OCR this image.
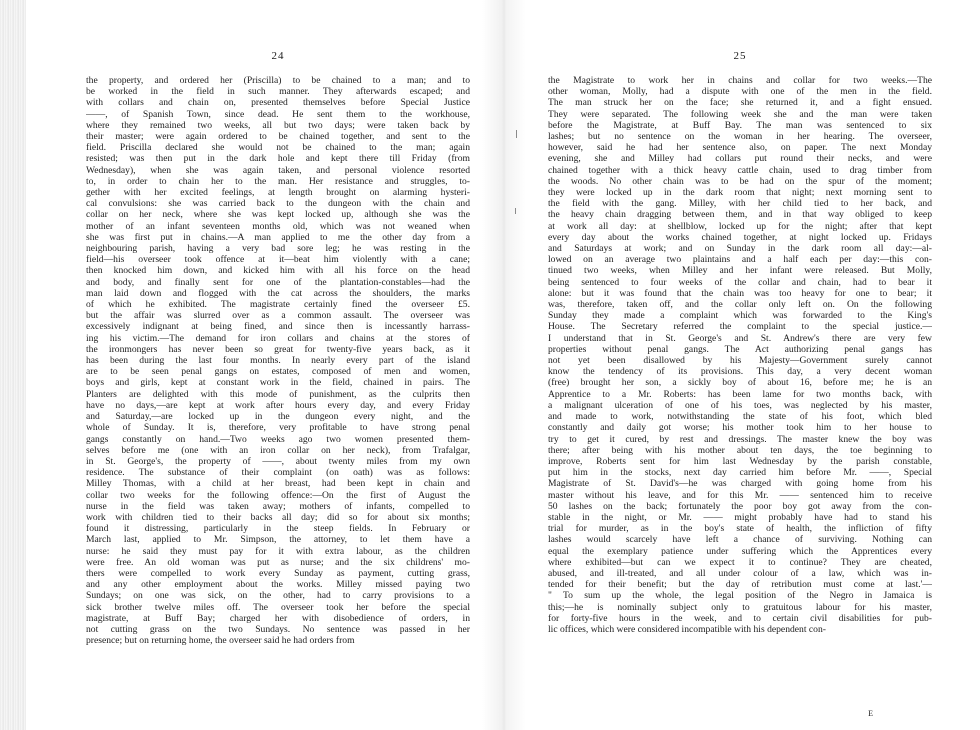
24
the property, and ordered her (Priscilla) to be chained to a man; and to
be worked in the field in such manner. They afterwards escaped; and
with collars and chain on, presented themselves before Special Justice
——, of Spanish Town, since dead. He sent them to the workhouse,
where they remained two weeks, all but two days; were taken back by
their master; were again ordered to be chained together, and sent to the
field. Priscilla declared she would not be chained to the man; again
resisted; was then put in the dark hole and kept there till Friday (from
Wednesday), when she was again taken, and personal violence resorted
to, in order to chain her to the man. Her resistance and struggles, to-
gether with her excited feelings, at length brought on alarming hysteri-
cal convulsions: she was carried back to the dungeon with the chain and
collar on her neck, where she was kept locked up, although she was the
mother of an infant seventeen months old, which was not weaned when
she was first put in chains.—A man applied to me the other day from a
neighbouring parish, having a very bad sore leg; he was resting in the
field—his overseer took offence at it—beat him violently with a cane;
then knocked him down, and kicked him with all his force on the head
and body, and finally sent for one of the plantation-constables—had the
man laid down and flogged with the cat across the shoulders, the marks
of which he exhibited. The magistrate certainly fined the overseer £5.
but the affair was slurred over as a common assault. The overseer was
excessively indignant at being fined, and since then is incessantly harrass-
ing his victim.—The demand for iron collars and chains at the stores of
the ironmongers has never been so great for twenty-five years back, as it
has been during the last four months. In nearly every part of the island
are to be seen penal gangs on estates, composed of men and women,
boys and girls, kept at constant work in the field, chained in pairs. The
Planters are delighted with this mode of punishment, as the culprits then
have no days,—are kept at work after hours every day, and every Friday
and Saturday,—are locked up in the dungeon every night, and the
whole of Sunday. It is, therefore, very profitable to have strong penal
gangs constantly on hand.—Two weeks ago two women presented them-
selves before me (one with an iron collar on her neck), from Trafalgar,
in St. George's, the property of ——, about twenty miles from my own
residence. The substance of their complaint (on oath) was as follows:
Milley Thomas, with a child at her breast, had been kept in chain and
collar two weeks for the following offence:—On the first of August the
nurse in the field was taken away; mothers of infants, compelled to
work with children tied to their backs all day; did so for about six months;
found it distressing, particularly in the steep fields. In February or
March last, applied to Mr. Simpson, the attorney, to let them have a
nurse: he said they must pay for it with extra labour, as the children
were free. An old woman was put as nurse; and the six childrens' mo-
thers were compelled to work every Sunday as payment, cutting grass,
and any other employment about the works. Milley missed paying two
Sundays; on one was sick, on the other, had to carry provisions to a
sick brother twelve miles off. The overseer took her before the special
magistrate, at Buff Bay; charged her with disobedience of orders, in
not cutting grass on the two Sundays. No sentence was passed in her
presence; but on returning home, the overseer said he had orders from
25
the Magistrate to work her in chains and collar for two weeks.—The
other woman, Molly, had a dispute with one of the men in the field.
The man struck her on the face; she returned it, and a fight ensued.
They were separated. The following week she and the man were taken
before the Magistrate, at Buff Bay. The man was sentenced to six
lashes; but no sentence on the woman in her hearing. The overseer,
however, said he had her sentence also, on paper. The next Monday
evening, she and Milley had collars put round their necks, and were
chained together with a thick heavy cattle chain, used to drag timber from
the woods. No other chain was to be had on the spur of the moment;
they were locked up in the dark room that night; next morning sent to
the field with the gang. Milley, with her child tied to her back, and
the heavy chain dragging between them, and in that way obliged to keep
at work all day: at shellblow, locked up for the night; after that kept
every day about the works chained together, at night locked up. Fridays
and Saturdays at work; and on Sunday in the dark room all day:—al-
lowed on an average two plaintains and a half each per day:—this con-
tinued two weeks, when Milley and her infant were released. But Molly,
being sentenced to four weeks of the collar and chain, had to bear it
alone: but it was found that the chain was too heavy for one to bear; it
was, therefore, taken off, and the collar only left on. On the following
Sunday they made a complaint which was forwarded to the King's
House. The Secretary referred the complaint to the special justice.—
I understand that in St. George's and St. Andrew's there are very few
properties without penal gangs. The Act authorizing penal gangs has
not yet been disallowed by his Majesty—Government surely cannot
know the tendency of its provisions. This day, a very decent woman
(free) brought her son, a sickly boy of about 16, before me; he is an
Apprentice to a Mr. Roberts: has been lame for two months back, with
a malignant ulceration of one of his toes, was neglected by his master,
and made to work, notwithstanding the state of his foot, which bled
constantly and daily got worse; his mother took him to her house to
try to get it cured, by rest and dressings. The master knew the boy was
there; after being with his mother about ten days, the toe beginning to
improve, Roberts sent for him last Wednesday by the parish constable,
put him in the stocks, next day carried him before Mr. ——, Special
Magistrate of St. David's—he was charged with going home from his
master without his leave, and for this Mr. —— sentenced him to receive
50 lashes on the back; fortunately the poor boy got away from the con-
stable in the night, or Mr. —— might probably have had to stand his
trial for murder, as in the boy's state of health, the infliction of fifty
lashes would scarcely have left a chance of surviving. Nothing can
equal the exemplary patience under suffering which the Apprentices every
where exhibited—but can we expect it to continue? They are cheated,
abused, and ill-treated, and all under colour of a law, which was in-
tended for their benefit; but the day of retribution must come at last.'—
" To sum up the whole, the legal position of the Negro in Jamaica is
this;—he is nominally subject only to gratuitous labour for his master,
for forty-five hours in the week, and to certain civil disabilities for pub-
lic offices, which were considered incompatible with his dependent con-
E
